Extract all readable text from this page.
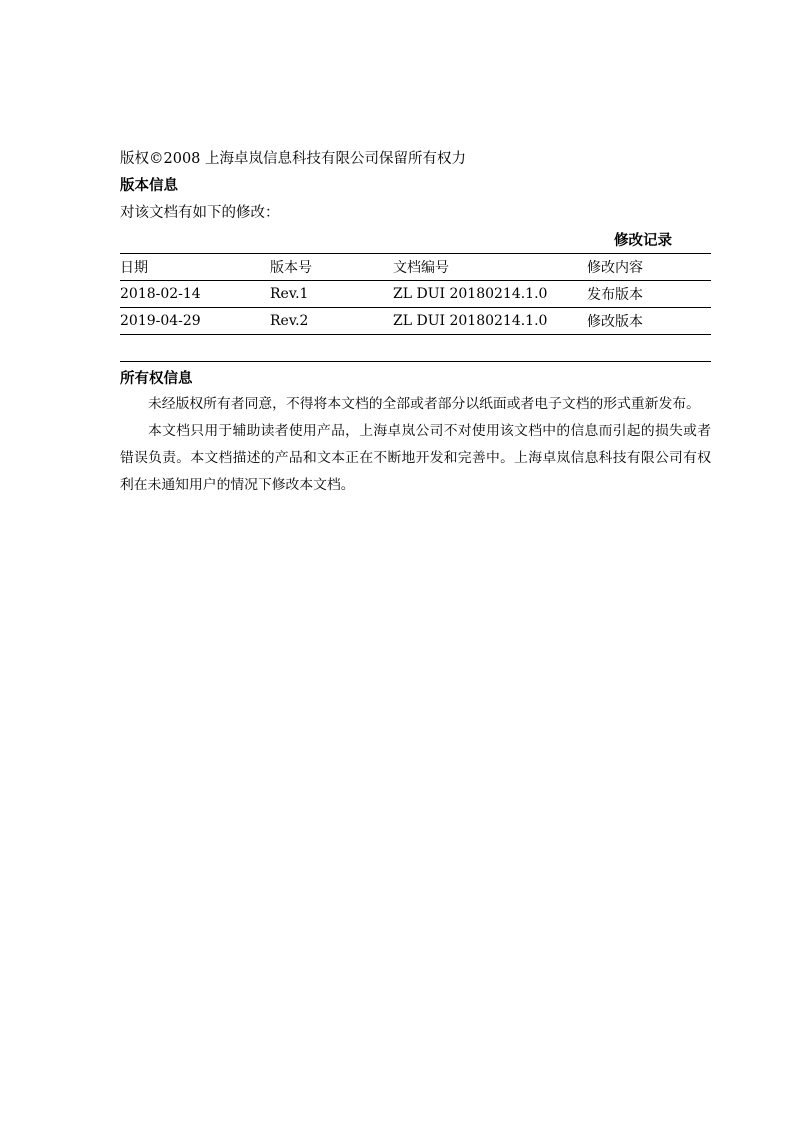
版权©2008 上海卓岚信息科技有限公司保留所有权力

版本信息
对该文档有如下的修改：
修改记录
日期	版本号	文档编号	修改内容
2018-02-14	Rev.1	ZL DUI 20180214.1.0	发布版本
2019-04-29	Rev.2	ZL DUI 20180214.1.0	修改版本
所有权信息

未经版权所有者同意，不得将本文档的全部或者部分以纸面或者电子文档的形式重新发布。

本文档只用于辅助读者使用产品，上海卓岚公司不对使用该文档中的信息而引起的损失或者错误负责。本文档描述的产品和文本正在不断地开发和完善中。上海卓岚信息科技有限公司有权利在未通知用户的情况下修改本文档。
